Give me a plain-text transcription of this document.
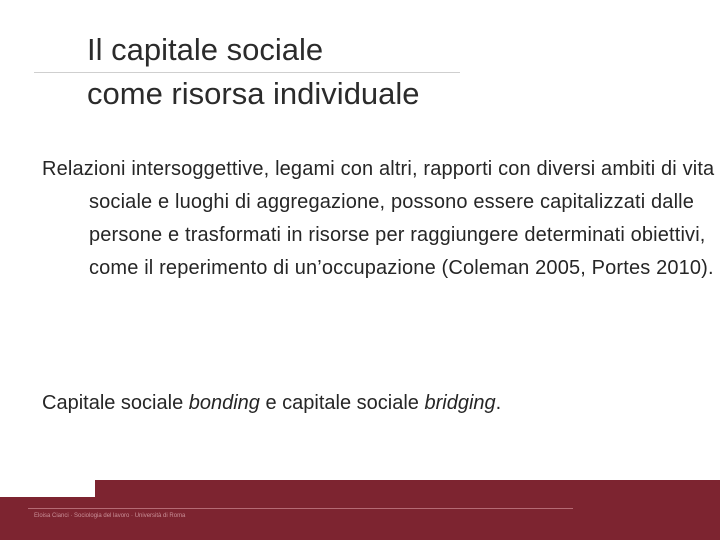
Il capitale sociale
come risorsa individuale

Relazioni intersoggettive, legami con altri, rapporti con diversi ambiti di vita sociale e luoghi di aggregazione, possono essere capitalizzati dalle persone e trasformati in risorse per raggiungere determinati obiettivi, come il reperimento di un’occupazione (Coleman 2005, Portes 2010).

Capitale sociale bonding e capitale sociale bridging.

Eloisa Cianci · Sociologia del lavoro · Università di Roma
